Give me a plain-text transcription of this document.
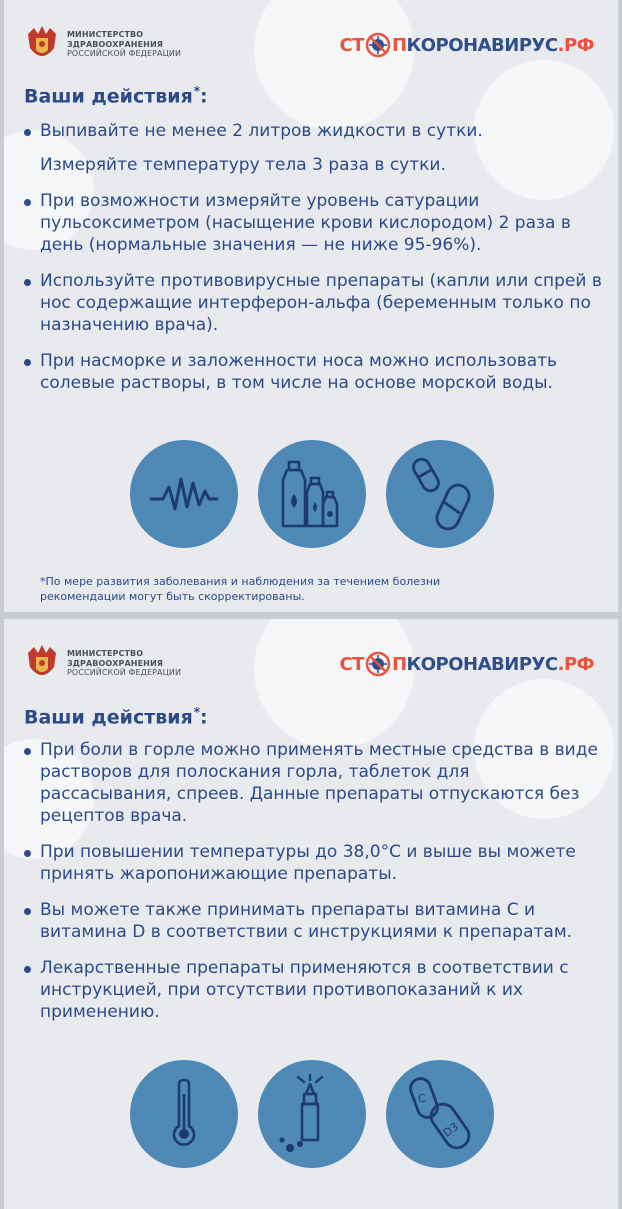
МИНИСТЕРСТВО
ЗДРАВООХРАНЕНИЯ
РОССИЙСКОЙ ФЕДЕРАЦИИ	СТ П КОРОНАВИРУС .РФ
Ваши действия*:
Выпивайте не менее 2 литров жидкости в сутки.
Измеряйте температуру тела 3 раза в сутки.
При возможности измеряйте уровень сатурации пульсоксиметром (насыщение крови кислородом) 2 раза в день (нормальные значения — не ниже 95-96%).
Используйте противовирусные препараты (капли или спрей в нос содержащие интерферон-альфа (беременным только по назначению врача).
При насморке и заложенности носа можно использовать солевые растворы, в том числе на основе морской воды.
*По мере развития заболевания и наблюдения за течением болезни
рекомендации могут быть скорректированы.
МИНИСТЕРСТВО
ЗДРАВООХРАНЕНИЯ
РОССИЙСКОЙ ФЕДЕРАЦИИ	СТ П КОРОНАВИРУС .РФ
Ваши действия*:
При боли в горле можно применять местные средства в виде растворов для полоскания горла, таблеток для рассасывания, спреев. Данные препараты отпускаются без рецептов врача.
При повышении температуры до 38,0°С и выше вы можете принять жаропонижающие препараты.
Вы можете также принимать препараты витамина С и витамина D в соответствии с инструкциями к препаратам.
Лекарственные препараты применяются в соответствии с инструкцией, при отсутствии противопоказаний к их применению.
C
D3
